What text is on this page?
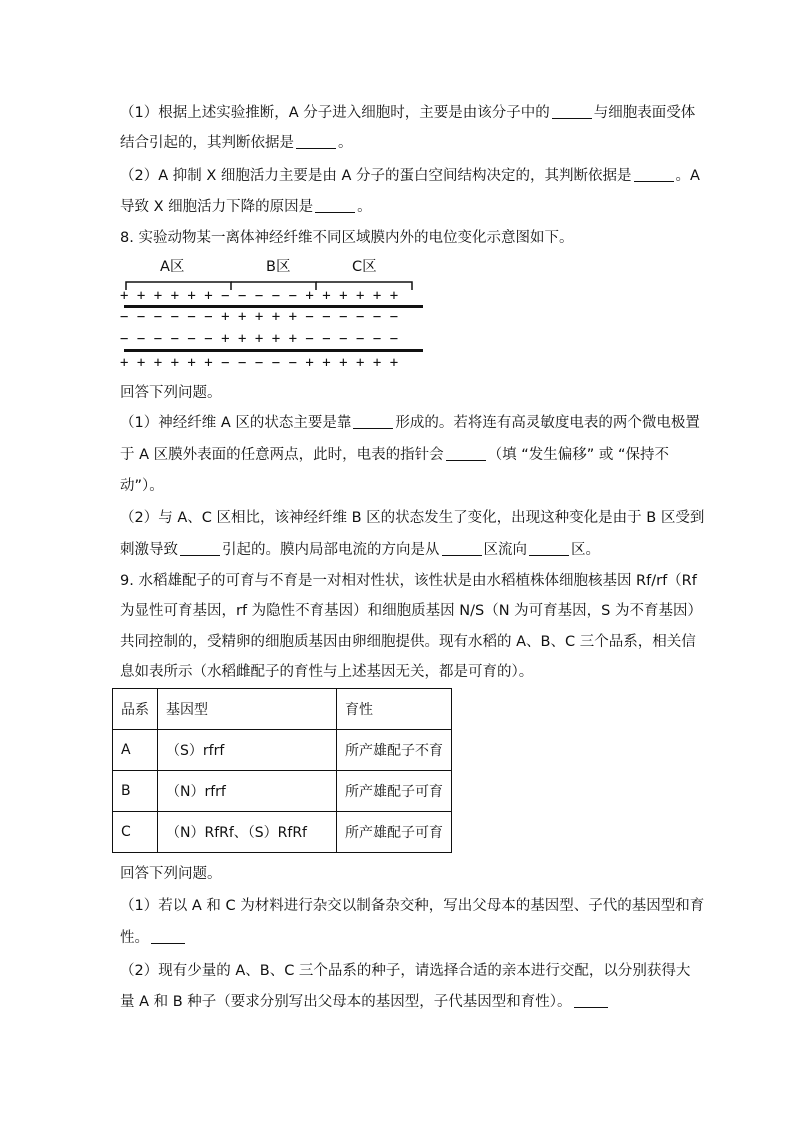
（1）根据上述实验推断，A 分子进入细胞时，主要是由该分子中的	与细胞表面受体
结合引起的，其判断依据是	。
（2）A 抑制 X 细胞活力主要是由 A 分子的蛋白空间结构决定的，其判断依据是	。A
导致 X 细胞活力下降的原因是	。
8. 实验动物某一离体神经纤维不同区域膜内外的电位变化示意图如下。
A区	B区	C区
+ + + + + + − − − − − + + + + + +
− − − − − − + + + + + − − − − − −
− − − − − − + + + + + − − − − − −
+ + + + + + − − − − − + + + + + +
回答下列问题。
（1）神经纤维 A 区的状态主要是靠	形成的。若将连有高灵敏度电表的两个微电极置
于 A 区膜外表面的任意两点，此时，电表的指针会	（填 “发生偏移” 或 “保持不
动”）。
（2）与 A、C 区相比，该神经纤维 B 区的状态发生了变化，出现这种变化是由于 B 区受到
刺激导致	引起的。膜内局部电流的方向是从	区流向	区。
9. 水稻雄配子的可育与不育是一对相对性状，该性状是由水稻植株体细胞核基因 Rf/rf（Rf
为显性可育基因，rf 为隐性不育基因）和细胞质基因 N/S（N 为可育基因，S 为不育基因）
共同控制的，受精卵的细胞质基因由卵细胞提供。现有水稻的 A、B、C 三个品系，相关信
息如表所示（水稻雌配子的育性与上述基因无关，都是可育的）。
品系	基因型	育性
A	（S）rfrf	所产雄配子不育
B	（N）rfrf	所产雄配子可育
C	（N）RfRf、（S）RfRf	所产雄配子可育
回答下列问题。
（1）若以 A 和 C 为材料进行杂交以制备杂交种，写出父母本的基因型、子代的基因型和育
性。
（2）现有少量的 A、B、C 三个品系的种子，请选择合适的亲本进行交配，以分别获得大
量 A 和 B 种子（要求分别写出父母本的基因型，子代基因型和育性）。
